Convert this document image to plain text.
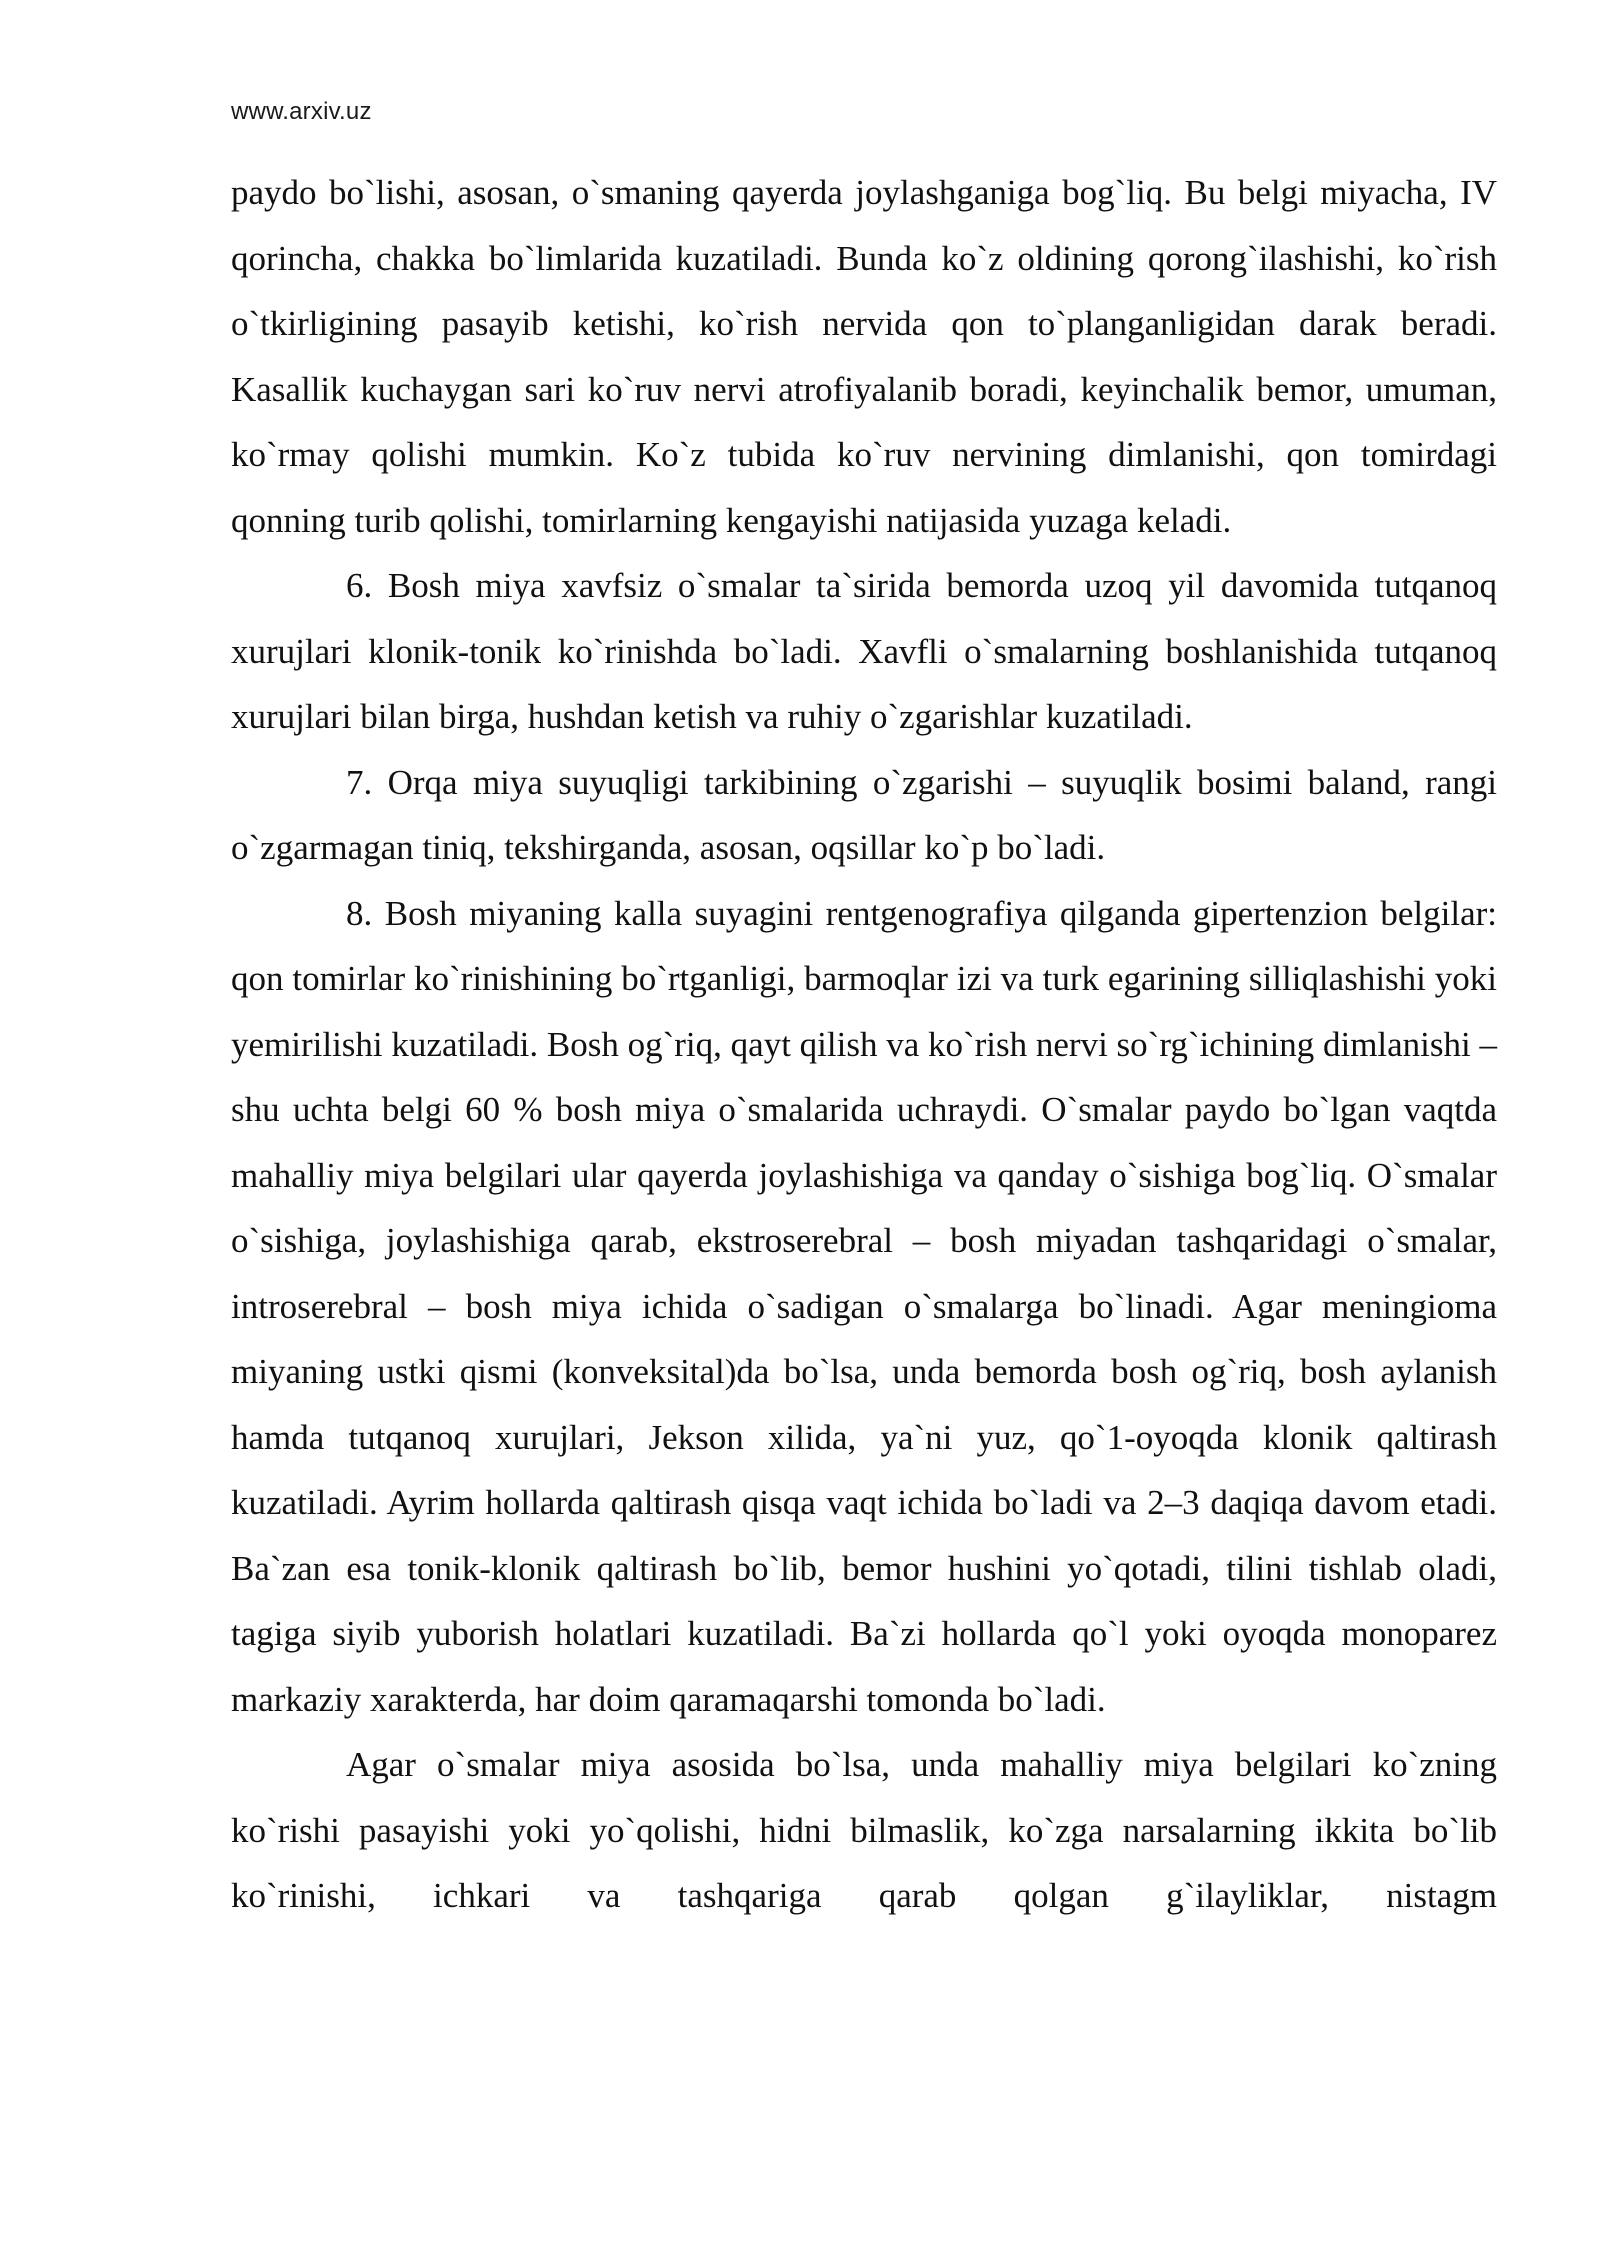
www.arxiv.uz

paydo bo`lishi, asosan, o`smaning qayerda joylashganiga bog`liq. Bu belgi miyacha, IV qorincha, chakka bo`limlarida kuzatiladi. Bunda ko`z oldining qorong`ilashishi, ko`rish o`tkirligining pasayib ketishi, ko`rish nervida qon to`planganligidan darak beradi. Kasallik kuchaygan sari ko`ruv nervi atrofiyalanib boradi, keyinchalik bemor, umuman, ko`rmay qolishi mumkin. Ko`z tubida ko`ruv nervining dimlanishi, qon tomirdagi qonning turib qolishi, tomirlarning kengayishi natijasida yuzaga keladi.

6. Bosh miya xavfsiz o`smalar ta`sirida bemorda uzoq yil davomida tutqanoq xurujlari klonik-tonik ko`rinishda bo`ladi. Xavfli o`smalarning boshlanishida tutqanoq xurujlari bilan birga, hushdan ketish va ruhiy o`zgarishlar kuzatiladi.

7. Orqa miya suyuqligi tarkibining o`zgarishi – suyuqlik bosimi baland, rangi o`zgarmagan tiniq, tekshirganda, asosan, oqsillar ko`p bo`ladi.

8. Bosh miyaning kalla suyagini rentgenografiya qilganda gipertenzion belgilar: qon tomirlar ko`rinishining bo`rtganligi, barmoqlar izi va turk egarining silliqlashishi yoki yemirilishi kuzatiladi. Bosh og`riq, qayt qilish va ko`rish nervi so`rg`ichining dimlanishi – shu uchta belgi 60 % bosh miya o`smalarida uchraydi. O`smalar paydo bo`lgan vaqtda mahalliy miya belgilari ular qayerda joylashishiga va qanday o`sishiga bog`liq. O`smalar o`sishiga, joylashishiga qarab, ekstroserebral – bosh miyadan tashqaridagi o`smalar, introserebral – bosh miya ichida o`sadigan o`smalarga bo`linadi. Agar meningioma miyaning ustki qismi (konveksital)da bo`lsa, unda bemorda bosh og`riq, bosh aylanish hamda tutqanoq xurujlari, Jekson xilida, ya`ni yuz, qo`1-oyoqda klonik qaltirash kuzatiladi. Ayrim hollarda qaltirash qisqa vaqt ichida bo`ladi va 2–3 daqiqa davom etadi. Ba`zan esa tonik-klonik qaltirash bo`lib, bemor hushini yo`qotadi, tilini tishlab oladi, tagiga siyib yuborish holatlari kuzatiladi. Ba`zi hollarda qo`l yoki oyoqda monoparez markaziy xarakterda, har doim qaramaqarshi tomonda bo`ladi.

Agar o`smalar miya asosida bo`lsa, unda mahalliy miya belgilari ko`zning ko`rishi pasayishi yoki yo`qolishi, hidni bilmaslik, ko`zga narsalarning ikkita bo`lib ko`rinishi, ichkari va tashqariga qarab qolgan g`ilayliklar, nistagm
